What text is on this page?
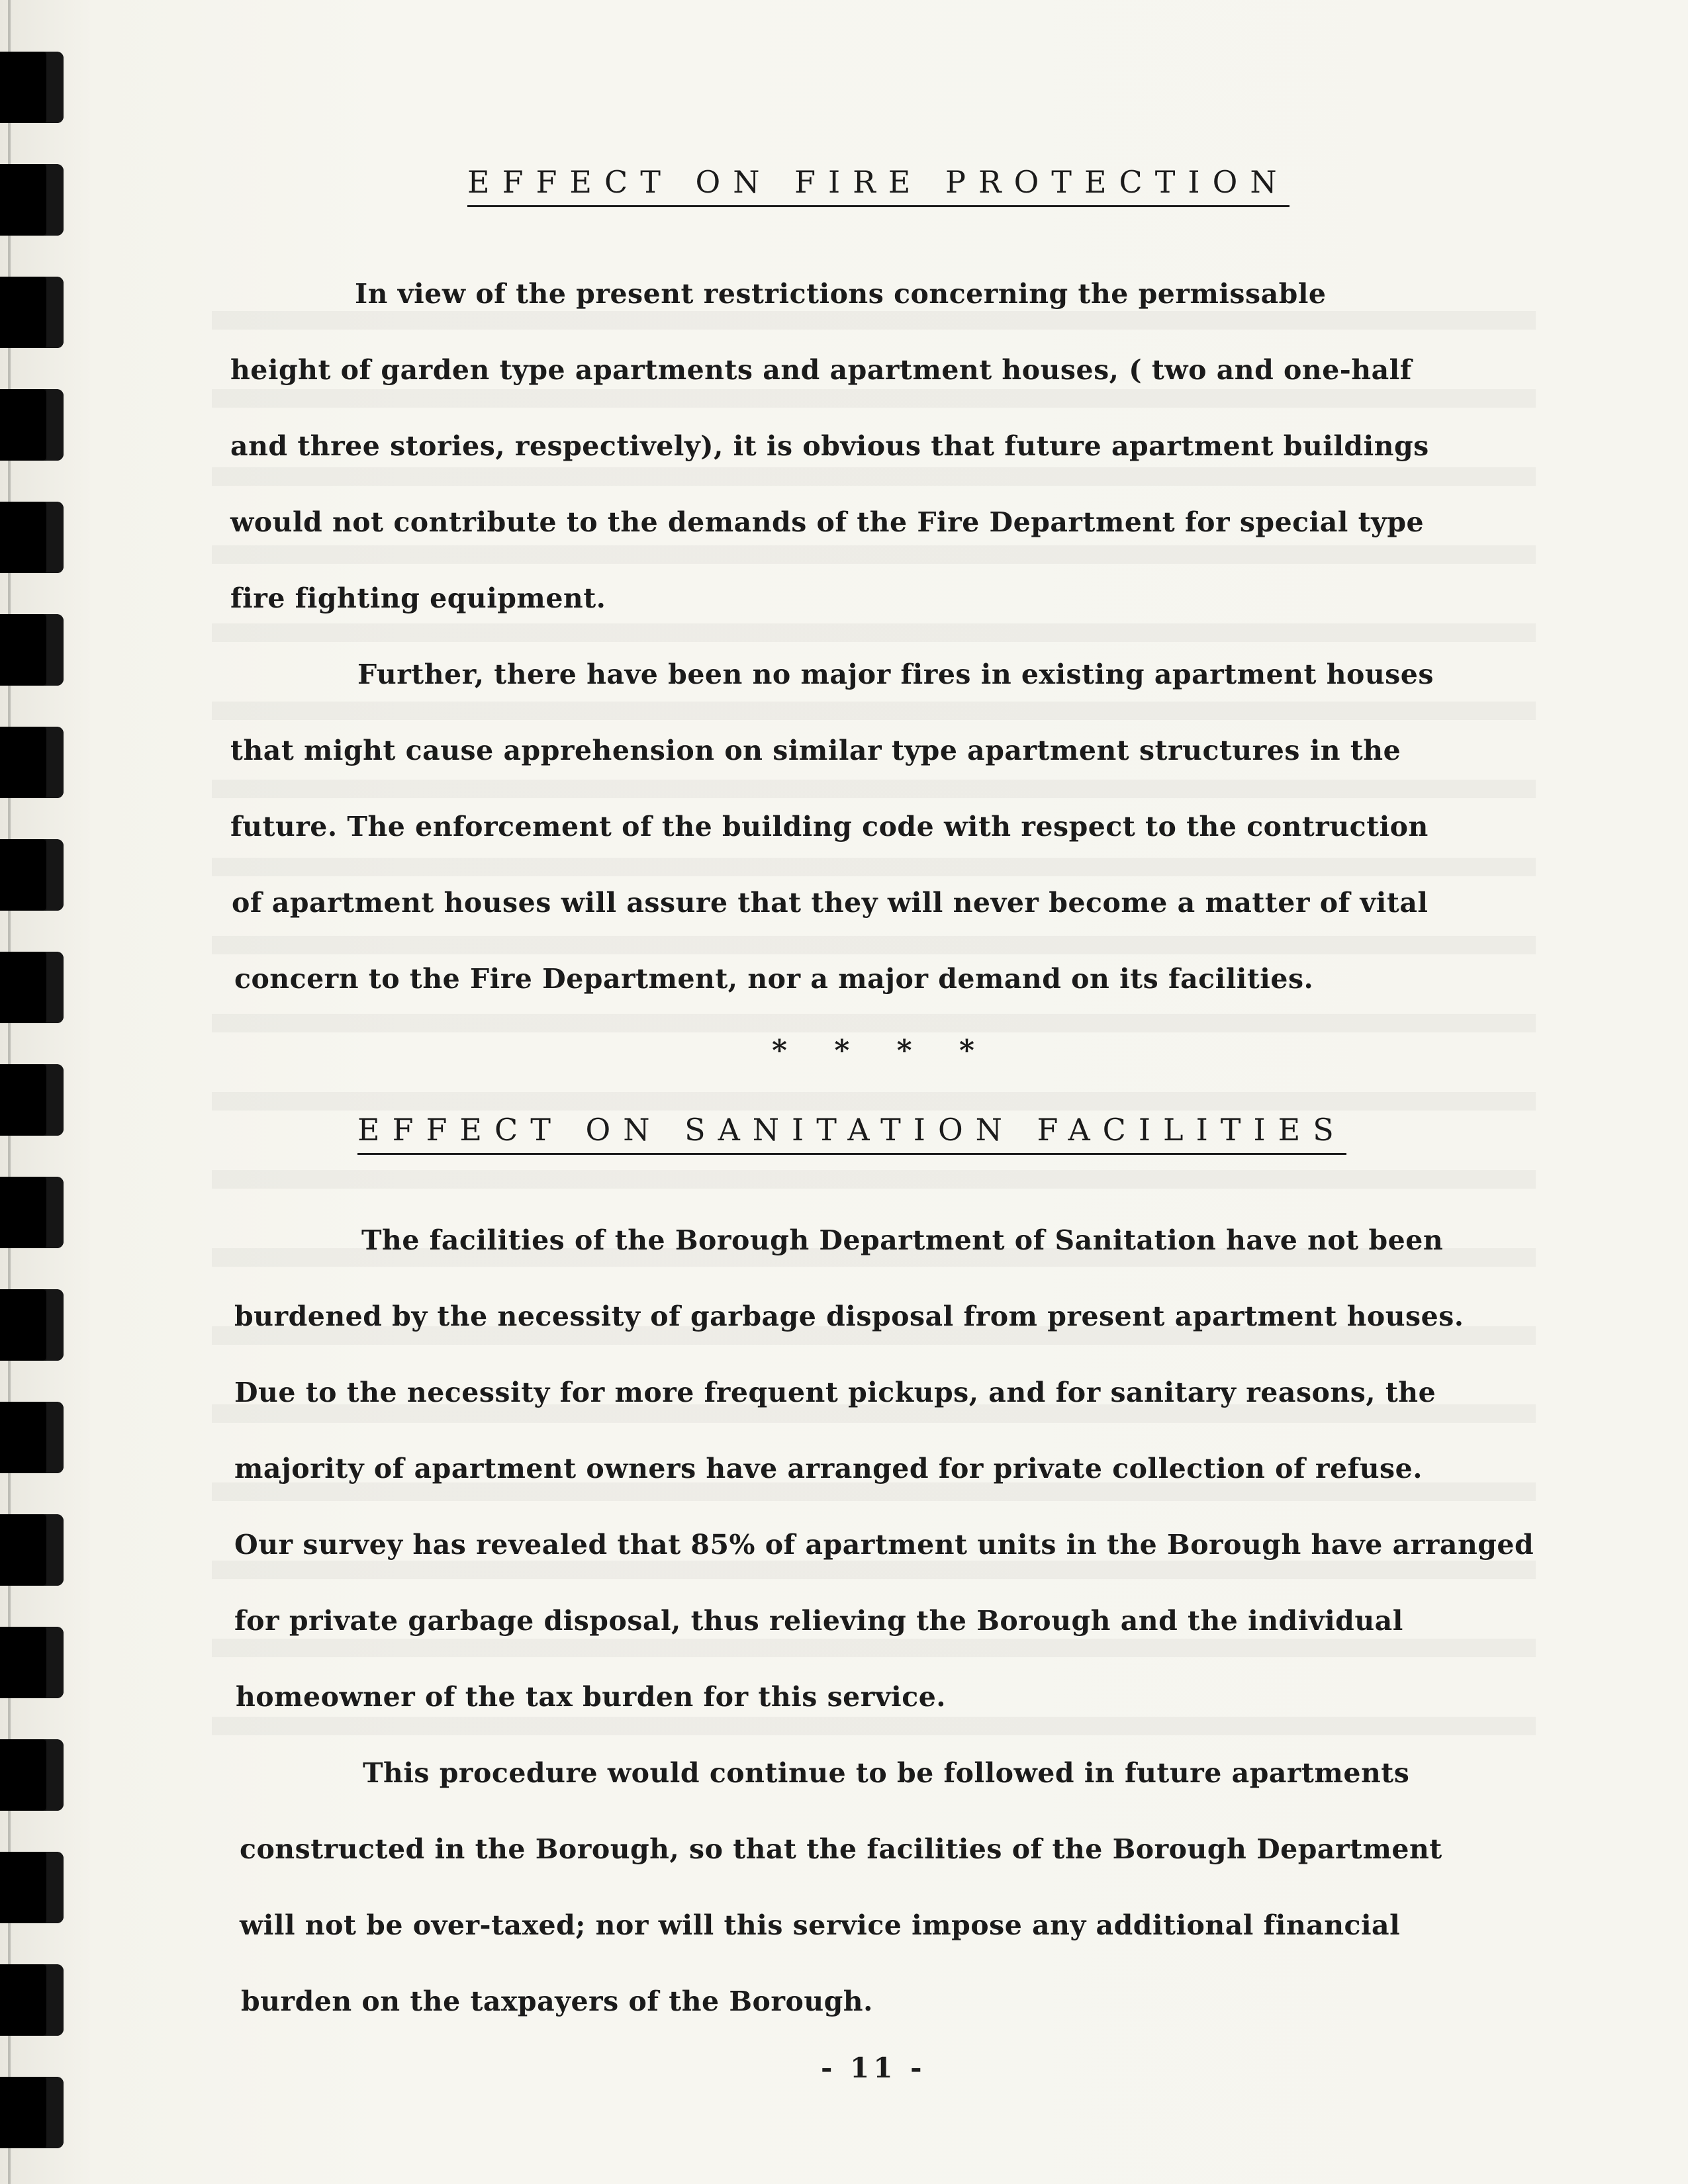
EFFECT ON FIRE PROTECTION

In view of the present restrictions concerning the permissable

height of garden type apartments and apartment houses, ( two and one-half

and three stories, respectively), it is obvious that future apartment buildings

would not contribute to the demands of the Fire Department for special type

fire fighting equipment.

Further, there have been no major fires in existing apartment houses

that might cause apprehension on similar type apartment structures in the

future. The enforcement of the building code with respect to the contruction

of apartment houses will assure that they will never become a matter of vital

concern to the Fire Department, nor a major demand on its facilities.

* * * *

EFFECT ON SANITATION FACILITIES

The facilities of the Borough Department of Sanitation have not been

burdened by the necessity of garbage disposal from present apartment houses.

Due to the necessity for more frequent pickups, and for sanitary reasons, the

majority of apartment owners have arranged for private collection of refuse.

Our survey has revealed that 85% of apartment units in the Borough have arranged

for private garbage disposal, thus relieving the Borough and the individual

homeowner of the tax burden for this service.

This procedure would continue to be followed in future apartments

constructed in the Borough, so that the facilities of the Borough Department

will not be over-taxed; nor will this service impose any additional financial

burden on the taxpayers of the Borough.

- 11 -
